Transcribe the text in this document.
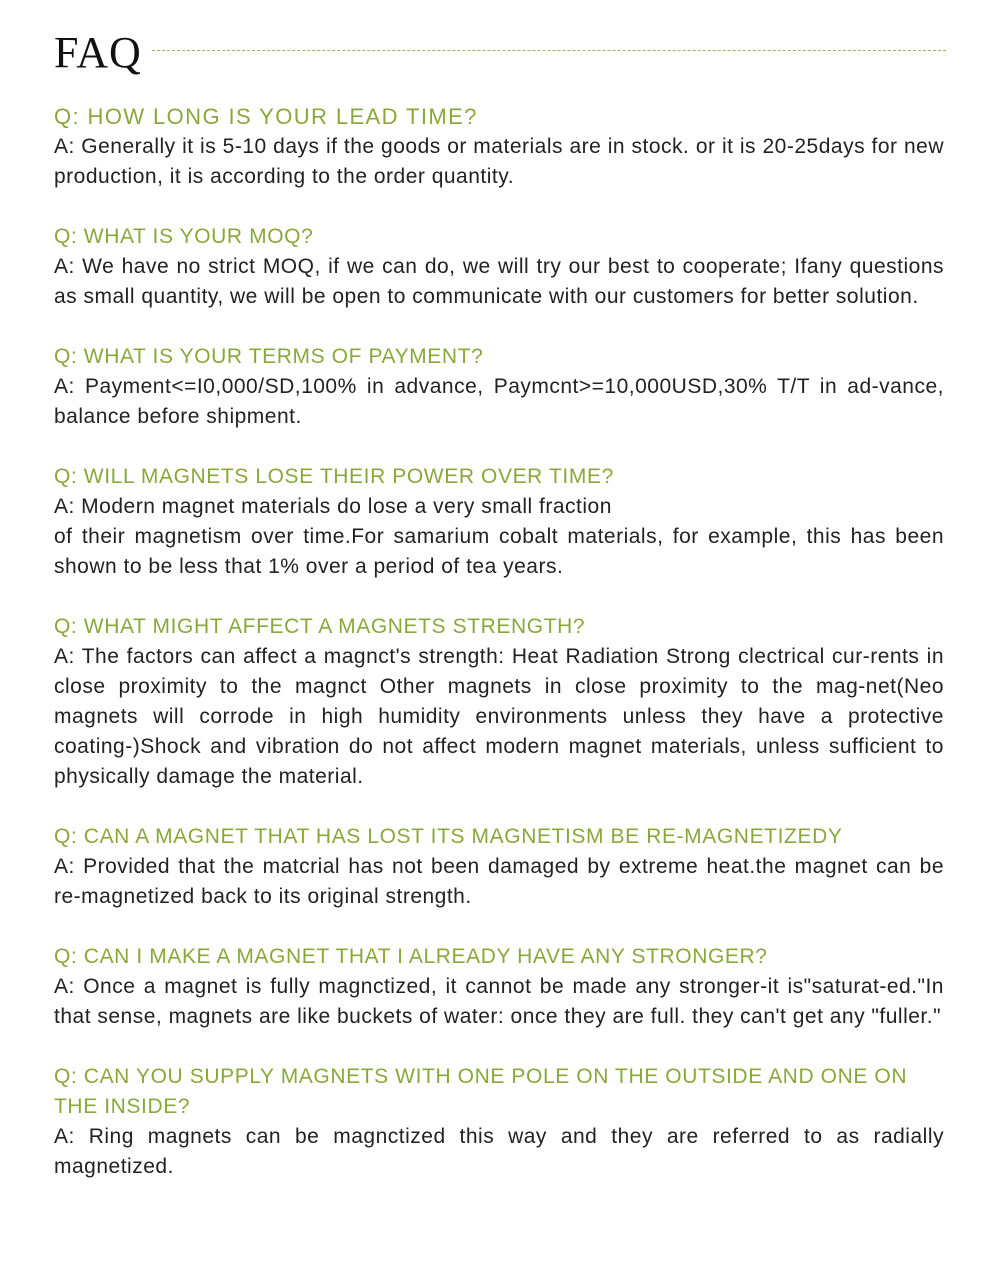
FAQ

Q: HOW LONG IS YOUR LEAD TIME?

A: Generally it is 5-10 days if the goods or materials are in stock. or it is 20-25days for new production, it is according to the order quantity.

Q: WHAT IS YOUR MOQ?

A: We have no strict MOQ, if we can do, we will try our best to cooperate; Ifany questions as small quantity, we will be open to communicate with our customers for better solution.

Q: WHAT IS YOUR TERMS OF PAYMENT?

A: Payment<=I0,000/SD,100% in advance, Paymcnt>=10,000USD,30% T/T in ad-vance, balance before shipment.

Q: WILL MAGNETS LOSE THEIR POWER OVER TIME?

A: Modern magnet materials do lose a very small fraction
of their magnetism over time.For samarium cobalt materials, for example, this has been shown to be less that 1% over a period of tea years.

Q: WHAT MIGHT AFFECT A MAGNETS STRENGTH?

A: The factors can affect a magnct's strength: Heat Radiation Strong clectrical cur-rents in close proximity to the magnct Other magnets in close proximity to the mag-net(Neo magnets will corrode in high humidity environments unless they have a protective coating-)Shock and vibration do not affect modern magnet materials, unless sufficient to physically damage the material.

Q: CAN A MAGNET THAT HAS LOST ITS MAGNETISM BE RE-MAGNETIZEDY

A: Provided that the matcrial has not been damaged by extreme heat.the magnet can be re-magnetized back to its original strength.

Q: CAN I MAKE A MAGNET THAT I ALREADY HAVE ANY STRONGER?

A: Once a magnet is fully magnctized, it cannot be made any stronger-it is"saturat-ed."In that sense, magnets are like buckets of water: once they are full. they can't get any "fuller."

Q: CAN YOU SUPPLY MAGNETS WITH ONE POLE ON THE OUTSIDE AND ONE ON THE INSIDE?

A: Ring magnets can be magnctized this way and they are referred to as radially magnetized.
